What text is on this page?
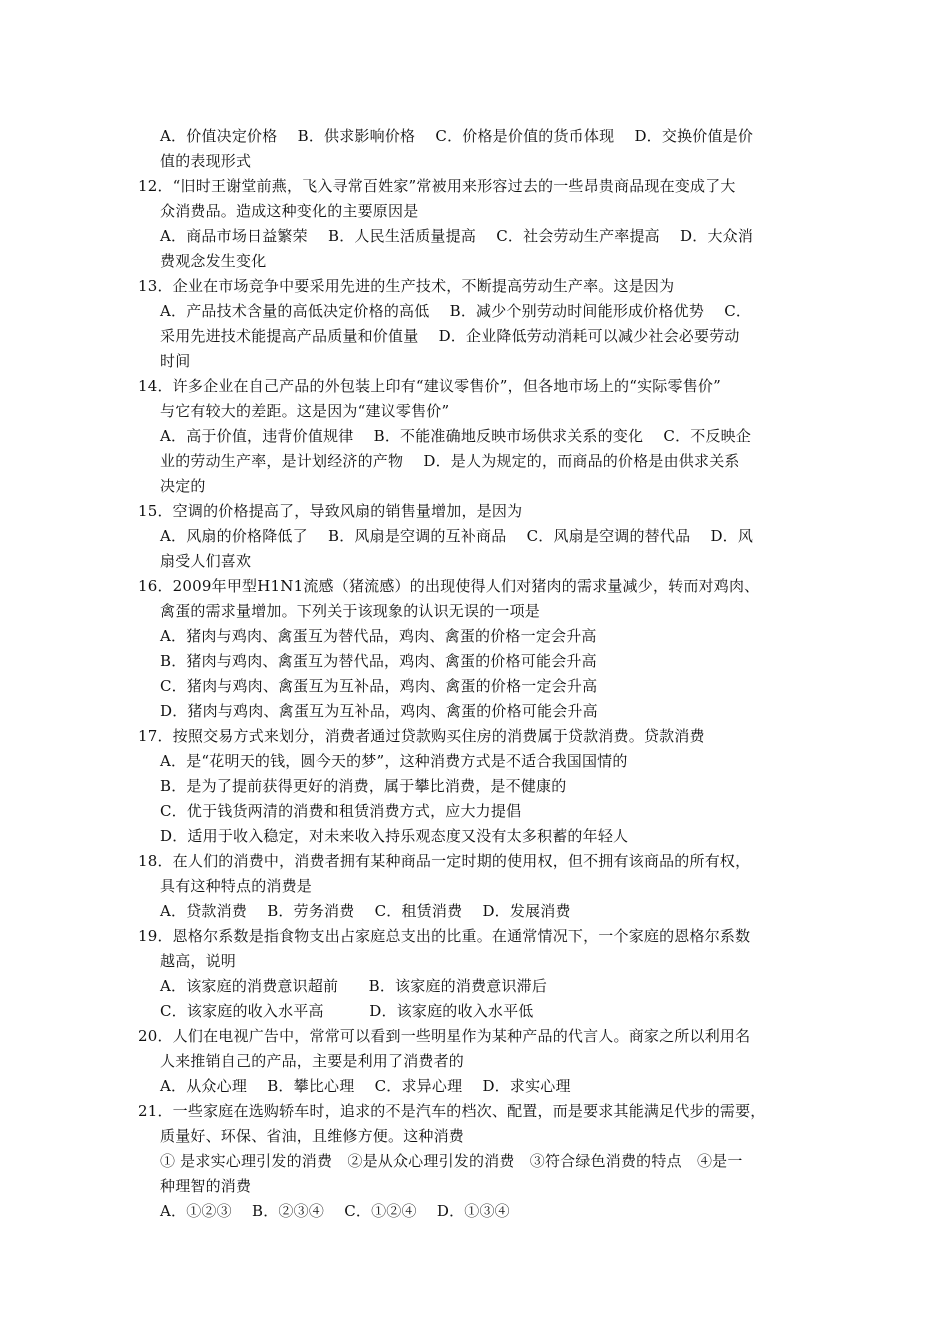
A．价值决定价格　 B．供求影响价格　 C．价格是价值的货币体现　 D．交换价值是价
值的表现形式
12．“旧时王谢堂前燕，飞入寻常百姓家”常被用来形容过去的一些昂贵商品现在变成了大
众消费品。造成这种变化的主要原因是
A．商品市场日益繁荣　 B．人民生活质量提高　 C．社会劳动生产率提高　 D．大众消
费观念发生变化
13．企业在市场竞争中要采用先进的生产技术，不断提高劳动生产率。这是因为
A．产品技术含量的高低决定价格的高低　 B．减少个别劳动时间能形成价格优势　 C．
采用先进技术能提高产品质量和价值量　 D．企业降低劳动消耗可以减少社会必要劳动
时间
14．许多企业在自己产品的外包装上印有“建议零售价”，但各地市场上的“实际零售价”
与它有较大的差距。这是因为“建议零售价”
A．高于价值，违背价值规律　 B．不能准确地反映市场供求关系的变化　 C．不反映企
业的劳动生产率，是计划经济的产物　 D．是人为规定的，而商品的价格是由供求关系
决定的
15．空调的价格提高了，导致风扇的销售量增加，是因为
A．风扇的价格降低了　 B．风扇是空调的互补商品　 C．风扇是空调的替代品　 D．风
扇受人们喜欢
16．2009年甲型H1N1流感（猪流感）的出现使得人们对猪肉的需求量减少，转而对鸡肉、
禽蛋的需求量增加。下列关于该现象的认识无误的一项是
A．猪肉与鸡肉、禽蛋互为替代品，鸡肉、禽蛋的价格一定会升高
B．猪肉与鸡肉、禽蛋互为替代品，鸡肉、禽蛋的价格可能会升高
C．猪肉与鸡肉、禽蛋互为互补品，鸡肉、禽蛋的价格一定会升高
D．猪肉与鸡肉、禽蛋互为互补品，鸡肉、禽蛋的价格可能会升高
17．按照交易方式来划分，消费者通过贷款购买住房的消费属于贷款消费。贷款消费
A．是“花明天的钱，圆今天的梦”，这种消费方式是不适合我国国情的
B．是为了提前获得更好的消费，属于攀比消费，是不健康的
C．优于钱货两清的消费和租赁消费方式，应大力提倡
D．适用于收入稳定，对未来收入持乐观态度又没有太多积蓄的年轻人
18．在人们的消费中，消费者拥有某种商品一定时期的使用权，但不拥有该商品的所有权，
具有这种特点的消费是
A．贷款消费　 B．劳务消费　 C．租赁消费　 D．发展消费
19．恩格尔系数是指食物支出占家庭总支出的比重。在通常情况下，一个家庭的恩格尔系数
越高，说明
A．该家庭的消费意识超前　　B．该家庭的消费意识滞后
C．该家庭的收入水平高　　　D．该家庭的收入水平低
20．人们在电视广告中，常常可以看到一些明星作为某种产品的代言人。商家之所以利用名
人来推销自己的产品，主要是利用了消费者的
A．从众心理　 B．攀比心理　 C．求异心理　 D．求实心理
21．一些家庭在选购轿车时，追求的不是汽车的档次、配置，而是要求其能满足代步的需要，
质量好、环保、省油，且维修方便。这种消费
① 是求实心理引发的消费　②是从众心理引发的消费　③符合绿色消费的特点　④是一
种理智的消费
A．①②③　 B．②③④　 C．①②④　 D．①③④
